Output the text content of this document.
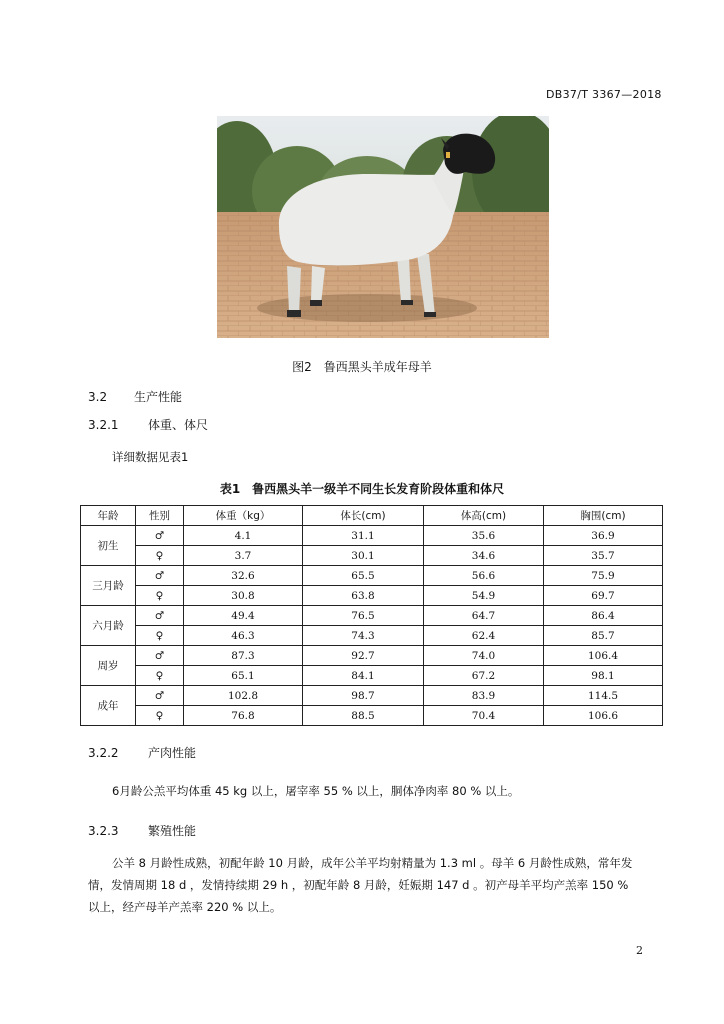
DB37/T 3367—2018
图2　鲁西黑头羊成年母羊
3.2 生产性能
3.2.1 体重、体尺
详细数据见表1
表1　鲁西黑头羊一级羊不同生长发育阶段体重和体尺
年龄	性别	体重（kg）	体长(cm)	体高(cm)	胸围(cm)
初生	♂	4.1	31.1	35.6	36.9
	♀	3.7	30.1	34.6	35.7
三月龄	♂	32.6	65.5	56.6	75.9
	♀	30.8	63.8	54.9	69.7
六月龄	♂	49.4	76.5	64.7	86.4
	♀	46.3	74.3	62.4	85.7
周岁	♂	87.3	92.7	74.0	106.4
	♀	65.1	84.1	67.2	98.1
成年	♂	102.8	98.7	83.9	114.5
	♀	76.8	88.5	70.4	106.6
3.2.2 产肉性能
6月龄公羔平均体重 45 kg 以上，屠宰率 55 % 以上，胴体净肉率 80 % 以上。
3.2.3 繁殖性能
公羊 8 月龄性成熟，初配年龄 10 月龄，成年公羊平均射精量为 1.3 ml 。母羊 6 月龄性成熟，常年发情，发情周期 18 d ，发情持续期 29 h ，初配年龄 8 月龄，妊娠期 147 d 。初产母羊平均产羔率 150 % 以上，经产母羊产羔率 220 % 以上。
2
